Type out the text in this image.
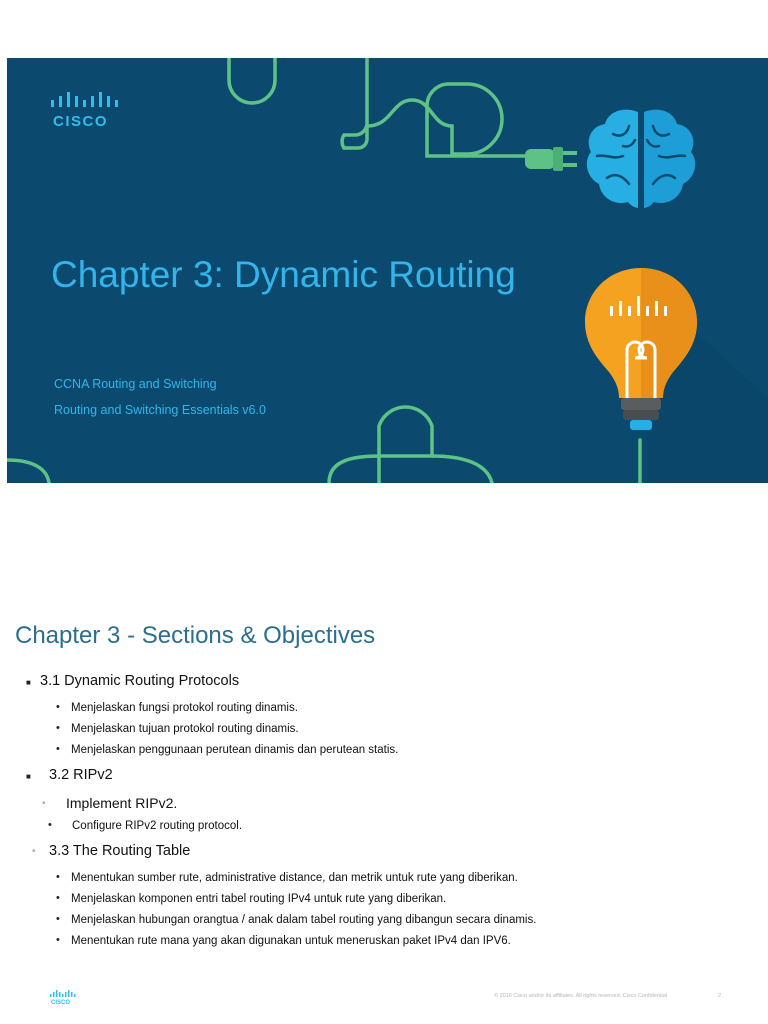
CISCO
Chapter 3: Dynamic Routing
CCNA Routing and Switching
Routing and Switching Essentials v6.0
Chapter 3 - Sections & Objectives
■ 3.1 Dynamic Routing Protocols
• Menjelaskan fungsi protokol routing dinamis.
• Menjelaskan tujuan protokol routing dinamis.
• Menjelaskan penggunaan perutean dinamis dan perutean statis.
■ 3.2 RIPv2
• Implement RIPv2.
• Configure RIPv2 routing protocol.
• 3.3 The Routing Table
• Menentukan sumber rute, administrative distance, dan metrik untuk rute yang diberikan.
• Menjelaskan komponen entri tabel routing IPv4 untuk rute yang diberikan.
• Menjelaskan hubungan orangtua / anak dalam tabel routing yang dibangun secara dinamis.
• Menentukan rute mana yang akan digunakan untuk meneruskan paket IPv4 dan IPV6.
CISCO
© 2016 Cisco and/or its affiliates. All rights reserved. Cisco Confidential	2
